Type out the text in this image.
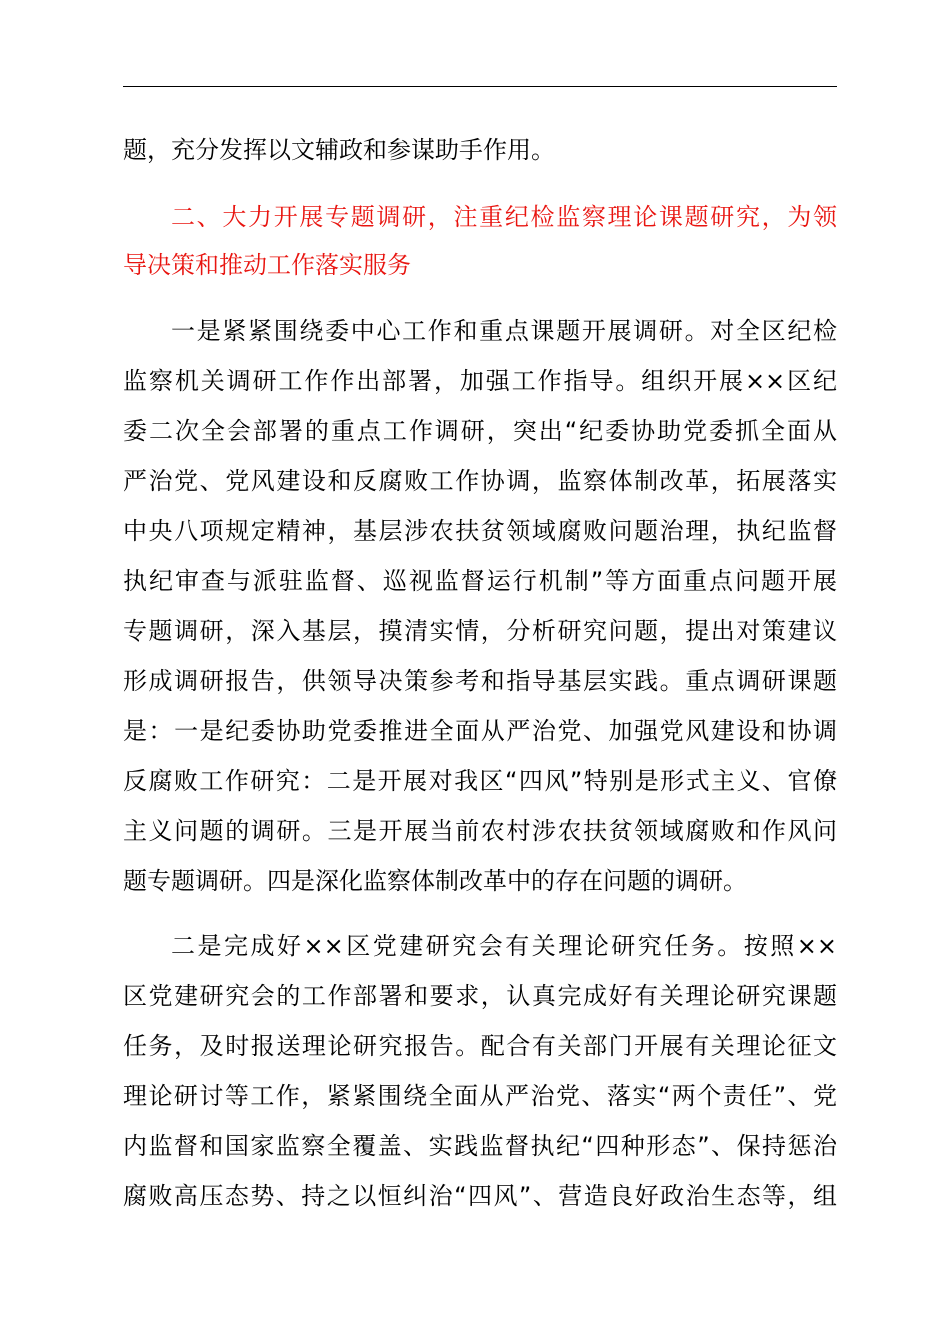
题，充分发挥以文辅政和参谋助手作用。
二、大力开展专题调研，注重纪检监察理论课题研究，为领
导决策和推动工作落实服务
一是紧紧围绕委中心工作和重点课题开展调研。对全区纪检
监察机关调研工作作出部署，加强工作指导。组织开展××区纪
委二次全会部署的重点工作调研，突出“纪委协助党委抓全面从
严治党、党风建设和反腐败工作协调，监察体制改革，拓展落实
中央八项规定精神，基层涉农扶贫领域腐败问题治理，执纪监督
执纪审查与派驻监督、巡视监督运行机制”等方面重点问题开展
专题调研，深入基层，摸清实情，分析研究问题，提出对策建议
形成调研报告，供领导决策参考和指导基层实践。重点调研课题
是：一是纪委协助党委推进全面从严治党、加强党风建设和协调
反腐败工作研究：二是开展对我区“四风”特别是形式主义、官僚
主义问题的调研。三是开展当前农村涉农扶贫领域腐败和作风问
题专题调研。四是深化监察体制改革中的存在问题的调研。
二是完成好××区党建研究会有关理论研究任务。按照××
区党建研究会的工作部署和要求，认真完成好有关理论研究课题
任务，及时报送理论研究报告。配合有关部门开展有关理论征文
理论研讨等工作，紧紧围绕全面从严治党、落实“两个责任”、党
内监督和国家监察全覆盖、实践监督执纪“四种形态”、保持惩治
腐败高压态势、持之以恒纠治“四风”、营造良好政治生态等，组
